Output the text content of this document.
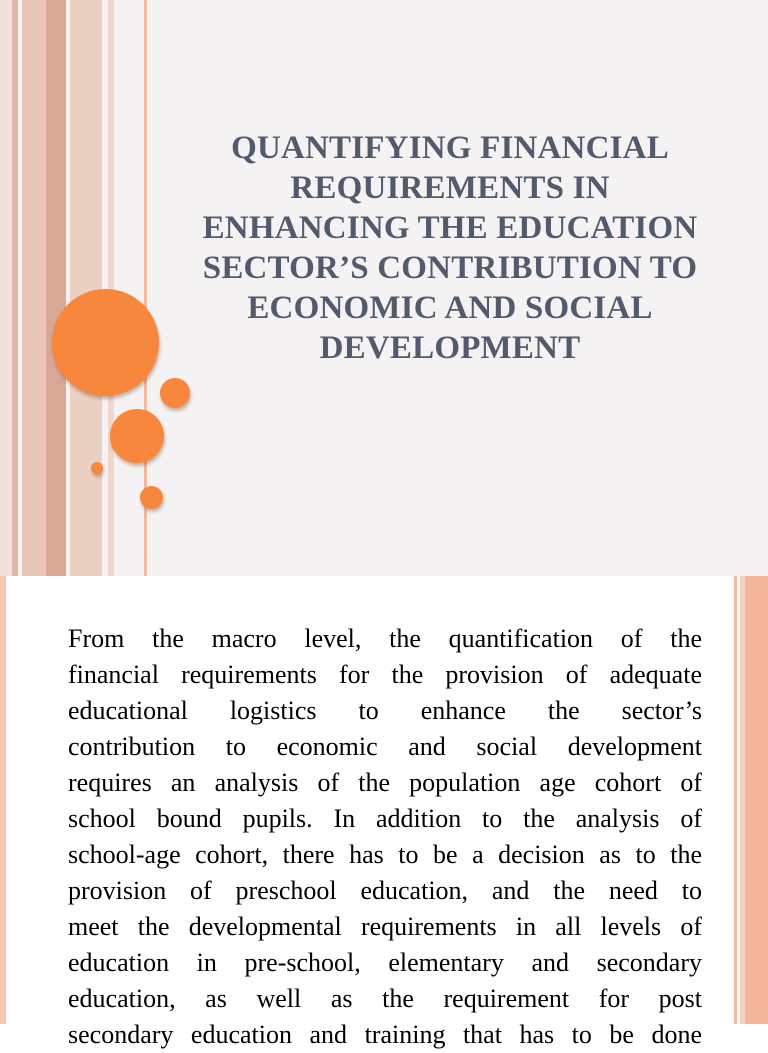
QUANTIFYING FINANCIAL
REQUIREMENTS IN
ENHANCING THE EDUCATION
SECTOR’S CONTRIBUTION TO
ECONOMIC AND SOCIAL
DEVELOPMENT
From the macro level, the quantification of the
financial requirements for the provision of adequate
educational logistics to enhance the sector’s
contribution to economic and social development
requires an analysis of the population age cohort of
school bound pupils. In addition to the analysis of
school-age cohort, there has to be a decision as to the
provision of preschool education, and the need to
meet the developmental requirements in all levels of
education in pre-school, elementary and secondary
education, as well as the requirement for post
secondary education and training that has to be done
